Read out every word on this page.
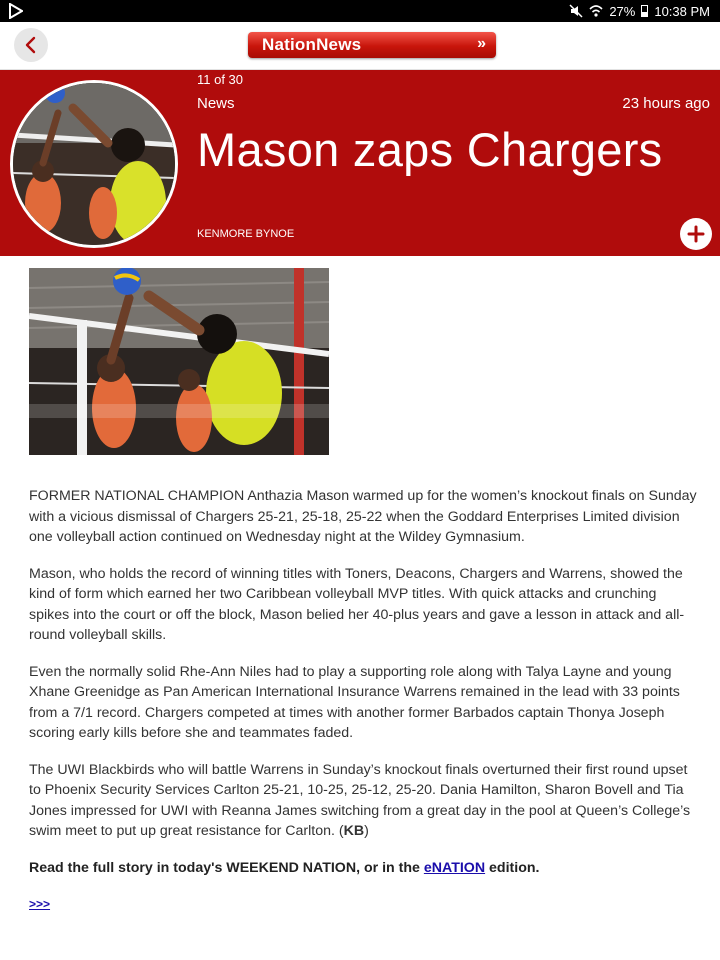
27% 10:38 PM
NationNews	»
11 of 30
News	23 hours ago
Mason zaps Chargers
KENMORE BYNOE

FORMER NATIONAL CHAMPION Anthazia Mason warmed up for the women’s knockout finals on Sunday with a vicious dismissal of Chargers 25-21, 25-18, 25-22 when the Goddard Enterprises Limited division one volleyball action continued on Wednesday night at the Wildey Gymnasium.

Mason, who holds the record of winning titles with Toners, Deacons, Chargers and Warrens, showed the kind of form which earned her two Caribbean volleyball MVP titles. With quick attacks and crunching spikes into the court or off the block, Mason belied her 40-plus years and gave a lesson in attack and all-round volleyball skills.

Even the normally solid Rhe-Ann Niles had to play a supporting role along with Talya Layne and young Xhane Greenidge as Pan American International Insurance Warrens remained in the lead with 33 points from a 7/1 record. Chargers competed at times with another former Barbados captain Thonya Joseph scoring early kills before she and teammates faded.

The UWI Blackbirds who will battle Warrens in Sunday’s knockout finals overturned their first round upset to Phoenix Security Services Carlton 25-21, 10-25, 25-12, 25-20. Dania Hamilton, Sharon Bovell and Tia Jones impressed for UWI with Reanna James switching from a great day in the pool at Queen’s College’s swim meet to put up great resistance for Carlton. (KB)

Read the full story in today's WEEKEND NATION, or in the eNATION edition.

>>>
